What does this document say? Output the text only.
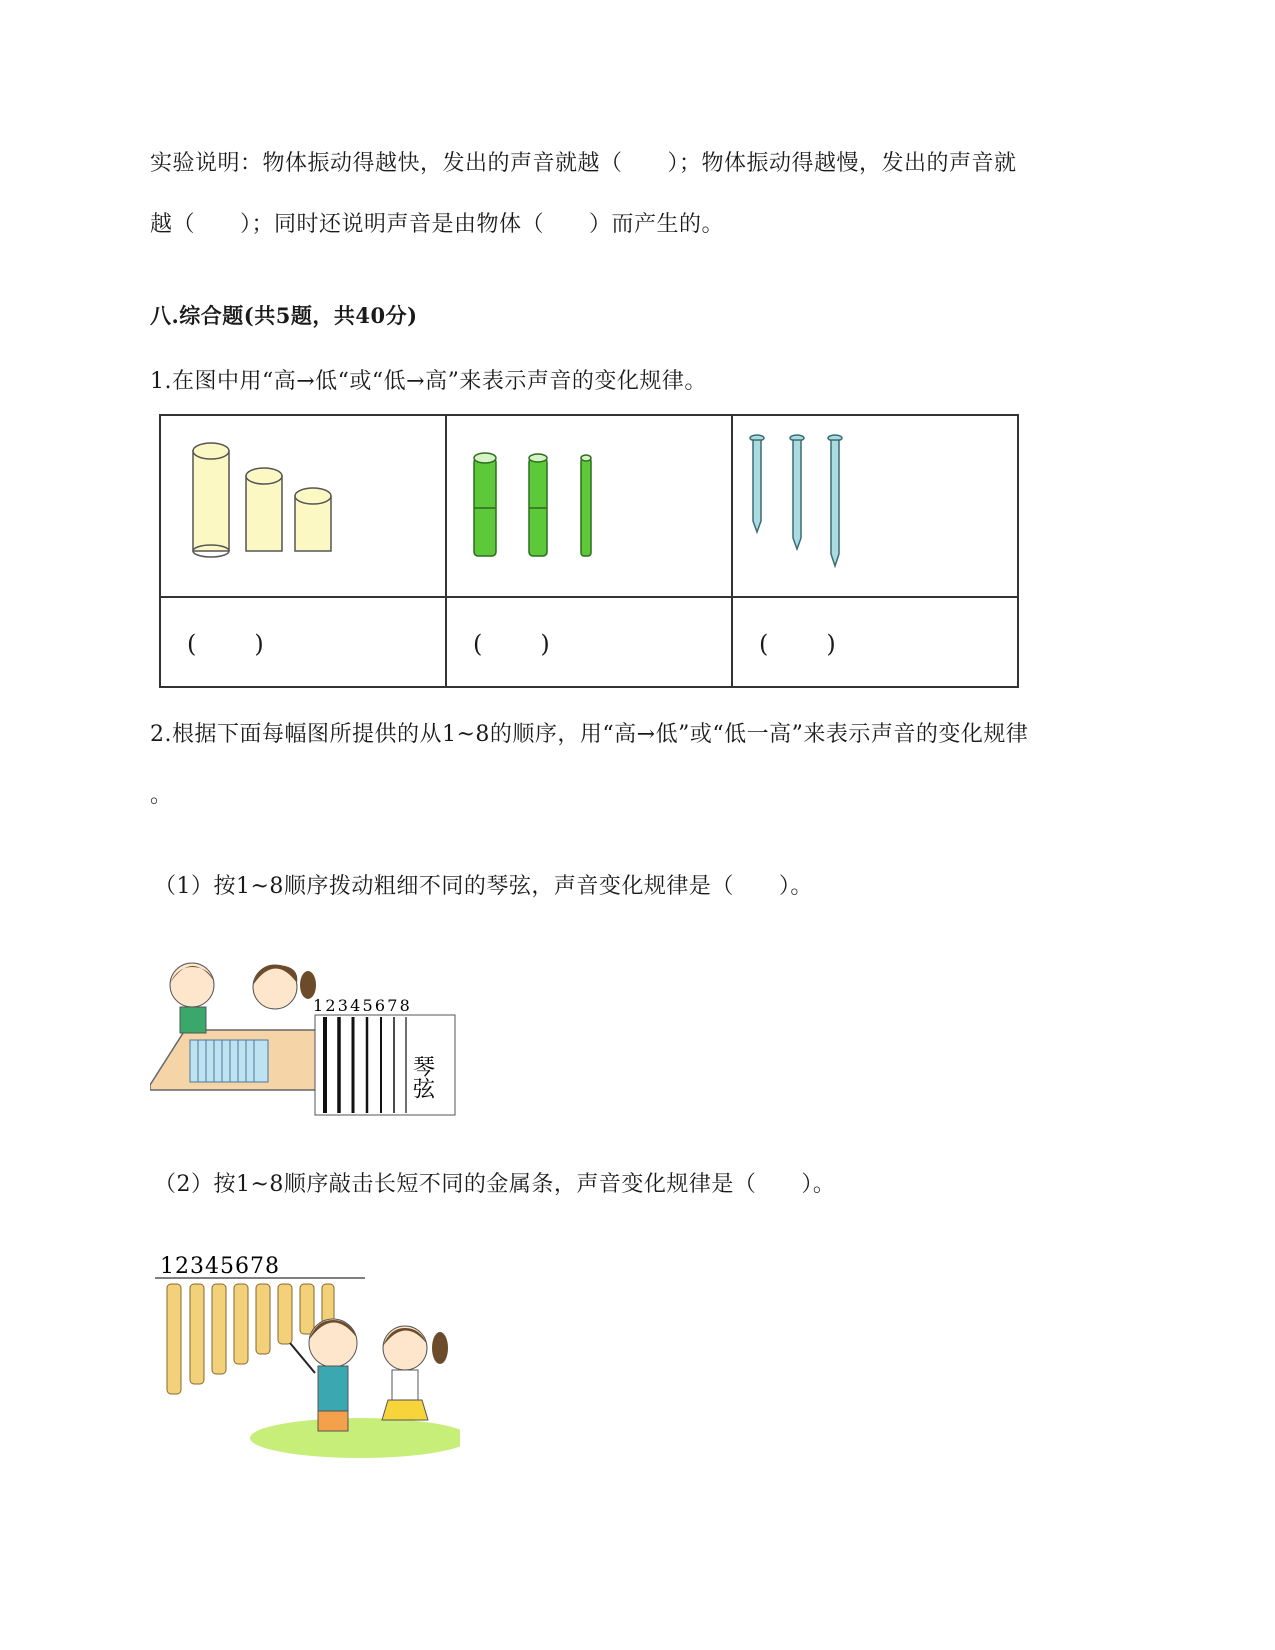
实验说明：物体振动得越快，发出的声音就越（　　）；物体振动得越慢，发出的声音就
越（　　）；同时还说明声音是由物体（　　）而产生的。
八.综合题(共5题，共40分)
1.在图中用“高→低“或“低→高”来表示声音的变化规律。

()	()	()
2.根据下面每幅图所提供的从1~8的顺序，用“高→低”或“低一高”来表示声音的变化规律
。
（1）按1~8顺序拨动粗细不同的琴弦，声音变化规律是（　　）。
12345678
琴弦
（2）按1~8顺序敲击长短不同的金属条，声音变化规律是（　　）。
12345678
